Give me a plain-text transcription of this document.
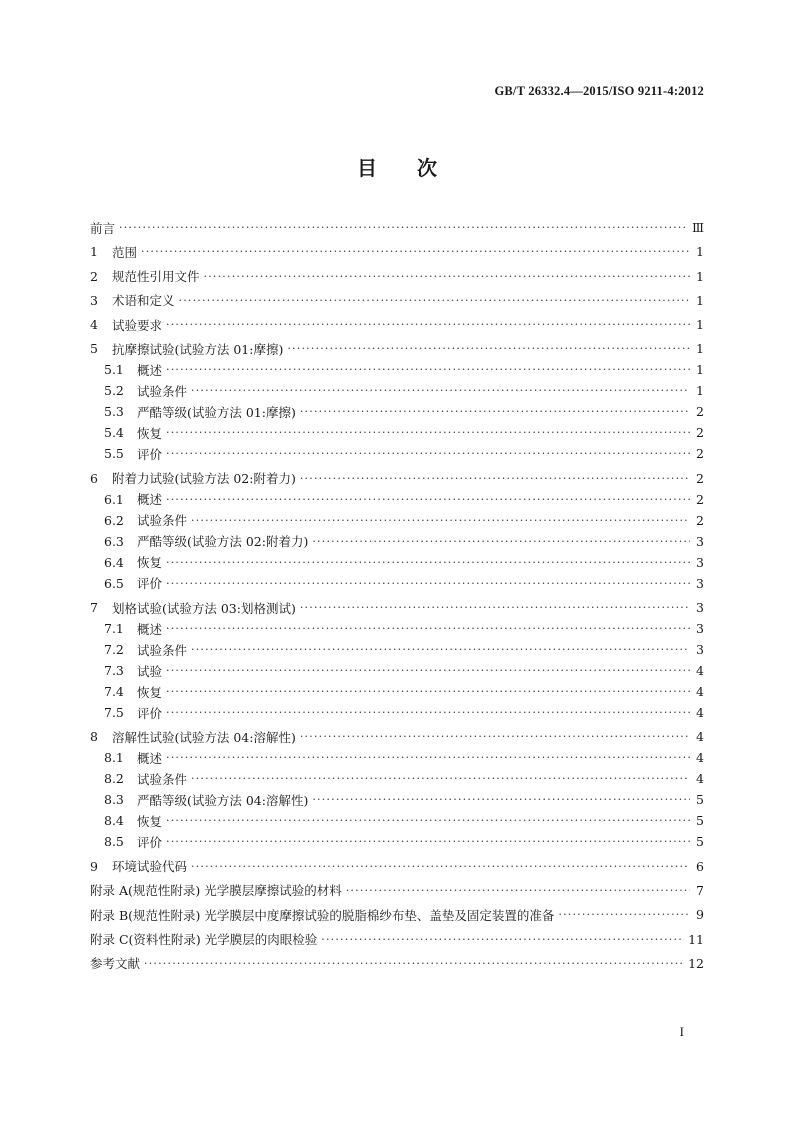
GB/T 26332.4—2015/ISO 9211-4:2012
目次
前言 ·····	Ⅲ
1	范围 ·····	1
2	规范性引用文件 ·····	1
3	术语和定义 ·····	1
4	试验要求 ·····	1
5	抗摩擦试验(试验方法 01:摩擦) ·····	1
5.1	概述 ·····	1
5.2	试验条件 ·····	1
5.3	严酷等级(试验方法 01:摩擦) ·····	2
5.4	恢复 ·····	2
5.5	评价 ·····	2
6	附着力试验(试验方法 02:附着力) ·····	2
6.1	概述 ·····	2
6.2	试验条件 ·····	2
6.3	严酷等级(试验方法 02:附着力) ·····	3
6.4	恢复 ·····	3
6.5	评价 ·····	3
7	划格试验(试验方法 03:划格测试) ·····	3
7.1	概述 ·····	3
7.2	试验条件 ·····	3
7.3	试验 ·····	4
7.4	恢复 ·····	4
7.5	评价 ·····	4
8	溶解性试验(试验方法 04:溶解性) ·····	4
8.1	概述 ·····	4
8.2	试验条件 ·····	4
8.3	严酷等级(试验方法 04:溶解性) ·····	5
8.4	恢复 ·····	5
8.5	评价 ·····	5
9	环境试验代码 ·····	6
附录 A(规范性附录) 光学膜层摩擦试验的材料 ·····	7
附录 B(规范性附录) 光学膜层中度摩擦试验的脱脂棉纱布垫、盖垫及固定装置的准备 ·····	9
附录 C(资料性附录) 光学膜层的肉眼检验 ·····	11
参考文献 ·····	12
I
